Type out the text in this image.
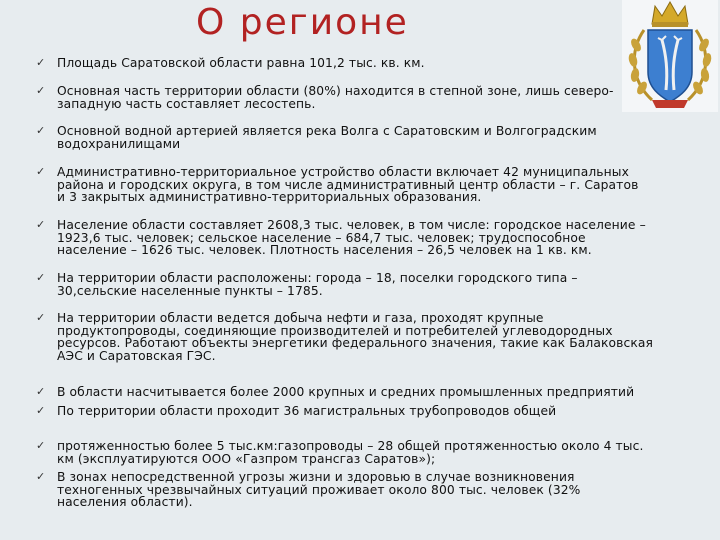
О регионе
✓ Площадь Саратовской области равна 101,2 тыс. кв. км.
✓ Основная часть территории области (80%) находится в степной зоне, лишь северо-
западную часть составляет лесостепь.
✓ Основной водной артерией является река Волга с Саратовским и Волгоградским
водохранилищами
✓ Административно-территориальное устройство области включает 42 муниципальных
района и городских округа, в том числе административный центр области – г. Саратов
и 3 закрытых административно-территориальных образования.
✓ Население области составляет 2608,3 тыс. человек, в том числе: городское население –
1923,6 тыс. человек; сельское население – 684,7 тыс. человек; трудоспособное
население – 1626 тыс. человек. Плотность населения – 26,5 человек на 1 кв. км.
✓ На территории области расположены: города – 18, поселки городского типа –
30,сельские населенные пункты – 1785.
✓ На территории области ведется добыча нефти и газа, проходят крупные
продуктопроводы, соединяющие производителей и потребителей углеводородных
ресурсов. Работают объекты энергетики федерального значения, такие как Балаковская
АЭС и Саратовская ГЭС.
✓ В области насчитывается более 2000 крупных и средних промышленных предприятий
✓ По территории области проходит 36 магистральных трубопроводов общей
✓ протяженностью более 5 тыс.км:газопроводы – 28 общей протяженностью около 4 тыс.
км (эксплуатируются ООО «Газпром трансгаз Саратов»);
✓ В зонах непосредственной угрозы жизни и здоровью в случае возникновения
техногенных чрезвычайных ситуаций проживает около 800 тыс. человек (32%
населения области).
